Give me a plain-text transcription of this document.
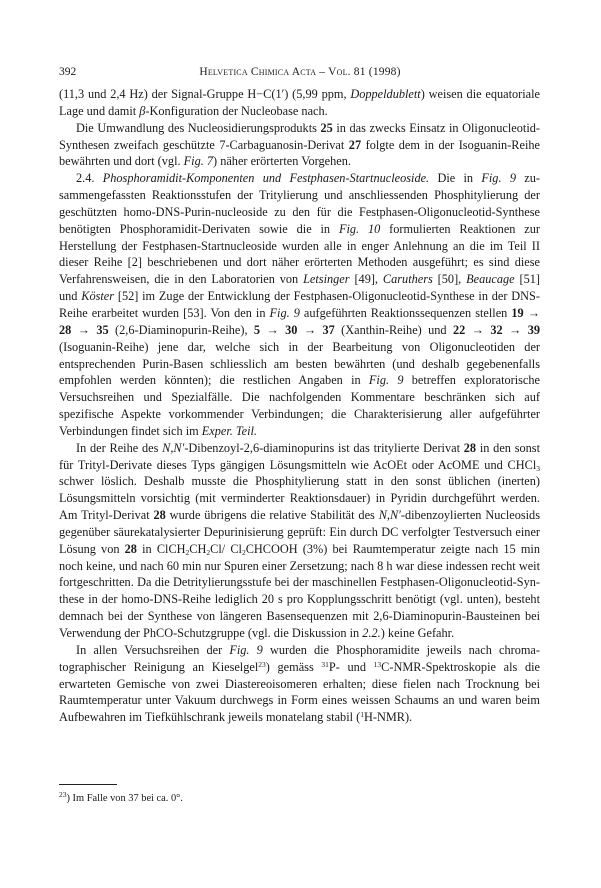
392	Helvetica Chimica Acta – Vol. 81 (1998)

(11,3 und 2,4 Hz) der Signal-Gruppe H−C(1′) (5,99 ppm, Doppeldublett) weisen die equatoriale Lage und damit β-Konfiguration der Nucleobase nach.

Die Umwandlung des Nucleosidierungsprodukts 25 in das zwecks Einsatz in Oligonucleotid-Synthesen zweifach geschützte 7-Carbaguanosin-Derivat 27 folgte dem in der Isoguanin-Reihe bewährten und dort (vgl. Fig. 7) näher erörterten Vorgehen.

2.4. Phosphoramidit-Komponenten und Festphasen-Startnucleoside. Die in Fig. 9 zusammengefassten Reaktionsstufen der Tritylierung und anschliessenden Phosphitylierung der geschützten homo-DNS-Purin-nucleoside zu den für die Festphasen-Oligonucleotid-Synthese benötigten Phosphoramidit-Derivaten sowie die in Fig. 10 formulierten Reaktionen zur Herstellung der Festphasen-Startnucleoside wurden alle in enger Anlehnung an die im Teil II dieser Reihe [2] beschriebenen und dort näher erörterten Methoden ausgeführt; es sind diese Verfahrensweisen, die in den Laboratorien von Letsinger [49], Caruthers [50], Beaucage [51] und Köster [52] im Zuge der Entwicklung der Festphasen-Oligonucleotid-Synthese in der DNS-Reihe erarbeitet wurden [53]. Von den in Fig. 9 aufgeführten Reaktionssequenzen stellen 19 → 28 → 35 (2,6-Diaminopurin-Reihe), 5 → 30 → 37 (Xanthin-Reihe) und 22 → 32 → 39 (Isoguanin-Reihe) jene dar, welche sich in der Bearbeitung von Oligonucleotiden der entsprechenden Purin-Basen schliesslich am besten bewährten (und deshalb gegebenenfalls empfohlen werden könnten); die restlichen Angaben in Fig. 9 betreffen exploratorische Versuchsreihen und Spezialfälle. Die nachfolgenden Kommentare beschränken sich auf spezifische Aspekte vorkommender Verbindungen; die Charakterisierung aller aufgeführter Verbindungen findet sich im Exper. Teil.

In der Reihe des N,N′-Dibenzoyl-2,6-diaminopurins ist das tritylierte Derivat 28 in den sonst für Trityl-Derivate dieses Typs gängigen Lösungsmitteln wie AcOEt oder AcOME und CHCl$_3$ schwer löslich. Deshalb musste die Phosphitylierung statt in den sonst üblichen (inerten) Lösungsmitteln vorsichtig (mit verminderter Reaktionsdauer) in Pyridin durchgeführt werden. Am Trityl-Derivat 28 wurde übrigens die relative Stabilität des N,N′-dibenzoylierten Nucleosids gegenüber säurekatalysierter Depurinisierung geprüft: Ein durch DC verfolgter Testversuch einer Lösung von 28 in $ClCH_2CH_2Cl/$ $Cl_2CHCOOH$ (3%) bei Raumtemperatur zeigte nach 15 min noch keine, und nach 60 min nur Spuren einer Zersetzung; nach 8 h war diese indessen recht weit fortgeschritten. Da die Detritylierungsstufe bei der maschinellen Festphasen-Oligonucleotid-Synthese in der homo-DNS-Reihe lediglich 20 s pro Kopplungsschritt benötigt (vgl. unten), besteht demnach bei der Synthese von längeren Basensequenzen mit 2,6-Diaminopurin-Bausteinen bei Verwendung der PhCO-Schutzgruppe (vgl. die Diskussion in 2.2.) keine Gefahr.

In allen Versuchsreihen der Fig. 9 wurden die Phosphoramidite jeweils nach chromatographischer Reinigung an Kieselgel$^{23}$) gemäss $^{31}$P- und $^{13}$C-NMR-Spektroskopie als die erwarteten Gemische von zwei Diastereoisomeren erhalten; diese fielen nach Trocknung bei Raumtemperatur unter Vakuum durchwegs in Form eines weissen Schaums an und waren beim Aufbewahren im Tiefkühlschrank jeweils monatelang stabil ($^1$H-NMR).

$^{23}$) Im Falle von 37 bei ca. 0°.
